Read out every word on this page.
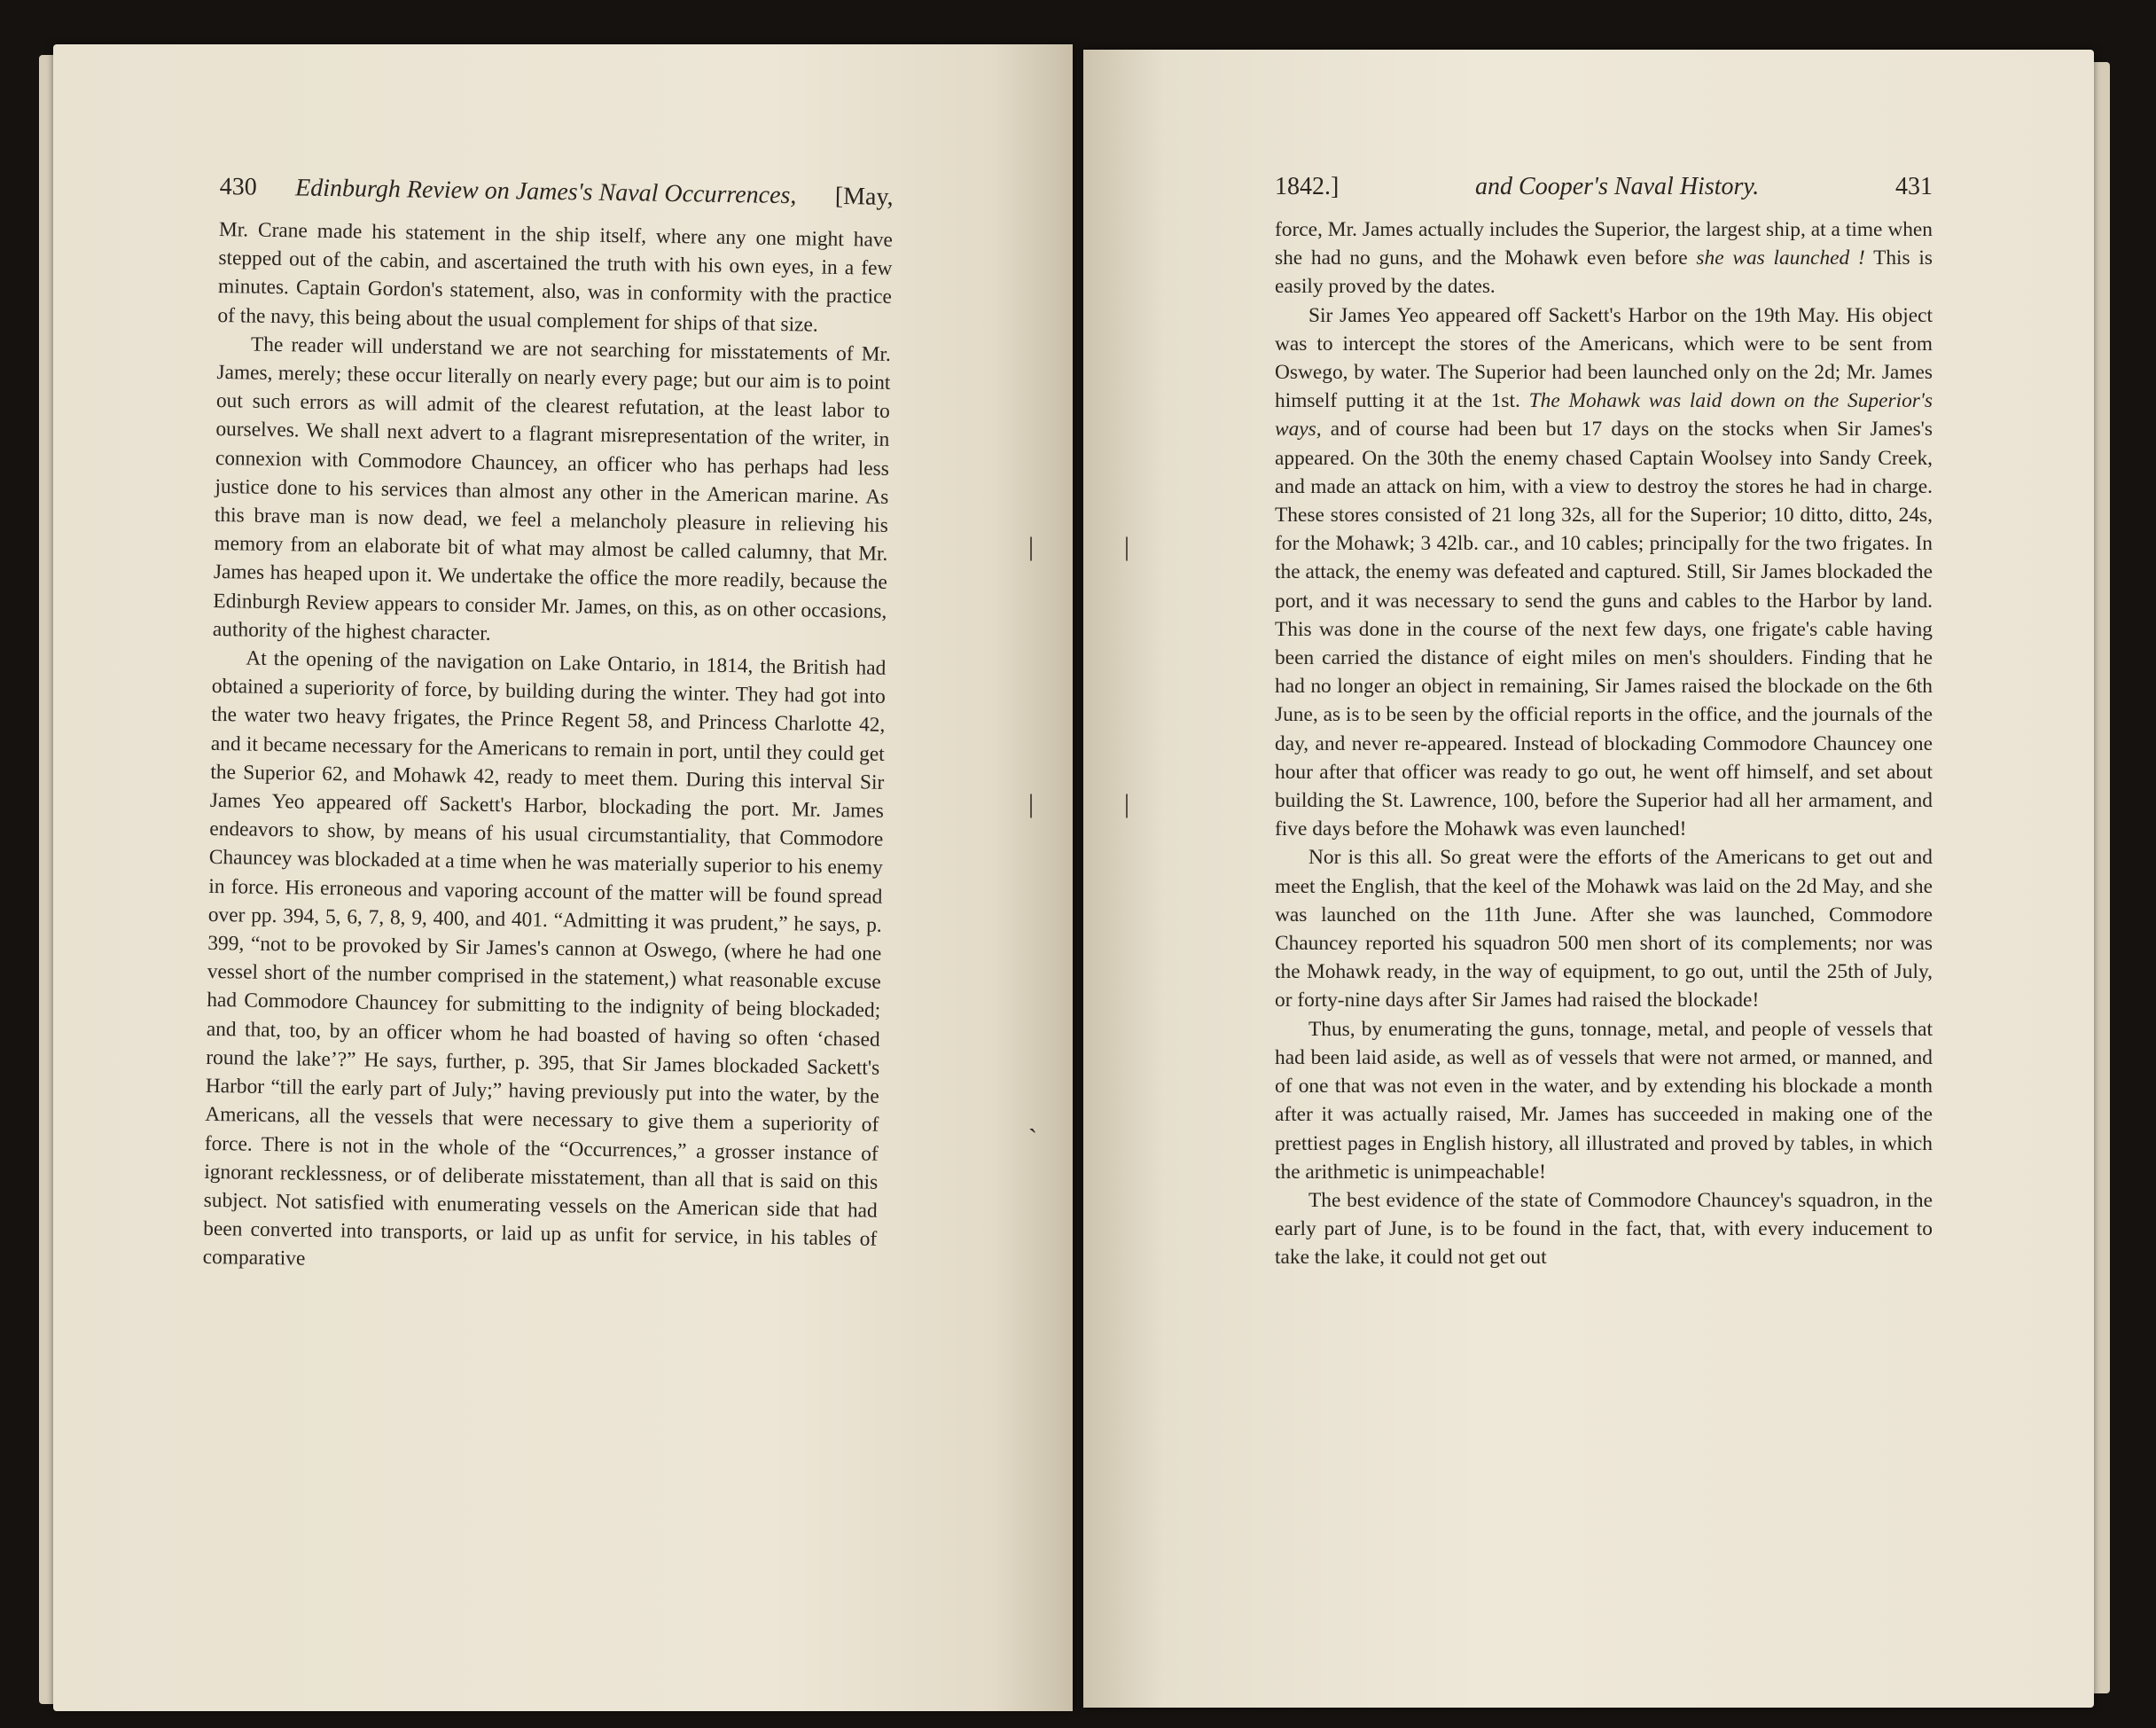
|	|
|	|
ˎ
430 Edinburgh Review on James's Naval Occurrences, [May,

Mr. Crane made his statement in the ship itself, where any one might have stepped out of the cabin, and ascertained the truth with his own eyes, in a few minutes. Captain Gordon's statement, also, was in conformity with the practice of the navy, this being about the usual complement for ships of that size.

The reader will understand we are not searching for misstatements of Mr. James, merely; these occur literally on nearly every page; but our aim is to point out such errors as will admit of the clearest refutation, at the least labor to ourselves. We shall next advert to a flagrant misrepresentation of the writer, in connexion with Commodore Chauncey, an officer who has perhaps had less justice done to his services than almost any other in the American marine. As this brave man is now dead, we feel a melancholy pleasure in relieving his memory from an elaborate bit of what may almost be called calumny, that Mr. James has heaped upon it. We undertake the office the more readily, because the Edinburgh Review appears to consider Mr. James, on this, as on other occasions, authority of the highest character.

At the opening of the navigation on Lake Ontario, in 1814, the British had obtained a superiority of force, by building during the winter. They had got into the water two heavy frigates, the Prince Regent 58, and Princess Charlotte 42, and it became necessary for the Americans to remain in port, until they could get the Superior 62, and Mohawk 42, ready to meet them. During this interval Sir James Yeo appeared off Sackett's Harbor, blockading the port. Mr. James endeavors to show, by means of his usual circumstantiality, that Commodore Chauncey was blockaded at a time when he was materially superior to his enemy in force. His erroneous and vaporing account of the matter will be found spread over pp. 394, 5, 6, 7, 8, 9, 400, and 401. “Admitting it was prudent,” he says, p. 399, “not to be provoked by Sir James's cannon at Oswego, (where he had one vessel short of the number comprised in the statement,) what reasonable excuse had Commodore Chauncey for submitting to the indignity of being blockaded; and that, too, by an officer whom he had boasted of having so often ‘chased round the lake’?” He says, further, p. 395, that Sir James blockaded Sackett's Harbor “till the early part of July;” having previously put into the water, by the Americans, all the vessels that were necessary to give them a superiority of force. There is not in the whole of the “Occurrences,” a grosser instance of ignorant recklessness, or of deliberate misstatement, than all that is said on this subject. Not satisfied with enumerating vessels on the American side that had been converted into transports, or laid up as unfit for service, in his tables of comparative

1842.]	and Cooper's Naval History.	431

force, Mr. James actually includes the Superior, the largest ship, at a time when she had no guns, and the Mohawk even before she was launched ! This is easily proved by the dates.

Sir James Yeo appeared off Sackett's Harbor on the 19th May. His object was to intercept the stores of the Americans, which were to be sent from Oswego, by water. The Superior had been launched only on the 2d; Mr. James himself putting it at the 1st. The Mohawk was laid down on the Superior's ways, and of course had been but 17 days on the stocks when Sir James's appeared. On the 30th the enemy chased Captain Woolsey into Sandy Creek, and made an attack on him, with a view to destroy the stores he had in charge. These stores consisted of 21 long 32s, all for the Superior; 10 ditto, ditto, 24s, for the Mohawk; 3 42lb. car., and 10 cables; principally for the two frigates. In the attack, the enemy was defeated and captured. Still, Sir James blockaded the port, and it was necessary to send the guns and cables to the Harbor by land. This was done in the course of the next few days, one frigate's cable having been carried the distance of eight miles on men's shoulders. Finding that he had no longer an object in remaining, Sir James raised the blockade on the 6th June, as is to be seen by the official reports in the office, and the journals of the day, and never re-appeared. Instead of blockading Commodore Chauncey one hour after that officer was ready to go out, he went off himself, and set about building the St. Lawrence, 100, before the Superior had all her armament, and five days before the Mohawk was even launched!

Nor is this all. So great were the efforts of the Americans to get out and meet the English, that the keel of the Mohawk was laid on the 2d May, and she was launched on the 11th June. After she was launched, Commodore Chauncey reported his squadron 500 men short of its complements; nor was the Mohawk ready, in the way of equipment, to go out, until the 25th of July, or forty-nine days after Sir James had raised the blockade!

Thus, by enumerating the guns, tonnage, metal, and people of vessels that had been laid aside, as well as of vessels that were not armed, or manned, and of one that was not even in the water, and by extending his blockade a month after it was actually raised, Mr. James has succeeded in making one of the prettiest pages in English history, all illustrated and proved by tables, in which the arithmetic is unimpeachable!

The best evidence of the state of Commodore Chauncey's squadron, in the early part of June, is to be found in the fact, that, with every inducement to take the lake, it could not get out
